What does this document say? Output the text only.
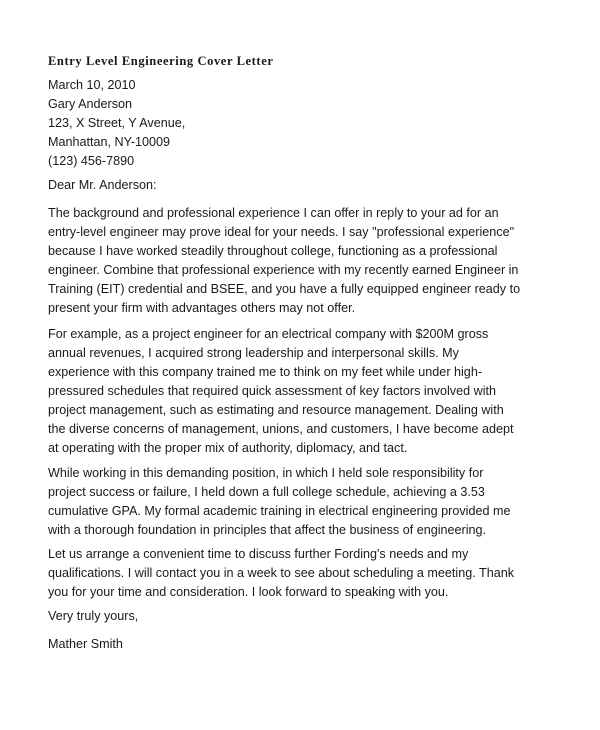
Entry Level Engineering Cover Letter
March 10, 2010
Gary Anderson
123, X Street, Y Avenue,
Manhattan, NY-10009
(123) 456-7890

Dear Mr. Anderson:

The background and professional experience I can offer in reply to your ad for an
entry-level engineer may prove ideal for your needs. I say "professional experience"
because I have worked steadily throughout college, functioning as a professional
engineer. Combine that professional experience with my recently earned Engineer in
Training (EIT) credential and BSEE, and you have a fully equipped engineer ready to
present your firm with advantages others may not offer.
For example, as a project engineer for an electrical company with $200M gross
annual revenues, I acquired strong leadership and interpersonal skills. My
experience with this company trained me to think on my feet while under high-
pressured schedules that required quick assessment of key factors involved with
project management, such as estimating and resource management. Dealing with
the diverse concerns of management, unions, and customers, I have become adept
at operating with the proper mix of authority, diplomacy, and tact.
While working in this demanding position, in which I held sole responsibility for
project success or failure, I held down a full college schedule, achieving a 3.53
cumulative GPA. My formal academic training in electrical engineering provided me
with a thorough foundation in principles that affect the business of engineering.
Let us arrange a convenient time to discuss further Fording's needs and my
qualifications. I will contact you in a week to see about scheduling a meeting. Thank
you for your time and consideration. I look forward to speaking with you.

Very truly yours,

Mather Smith
